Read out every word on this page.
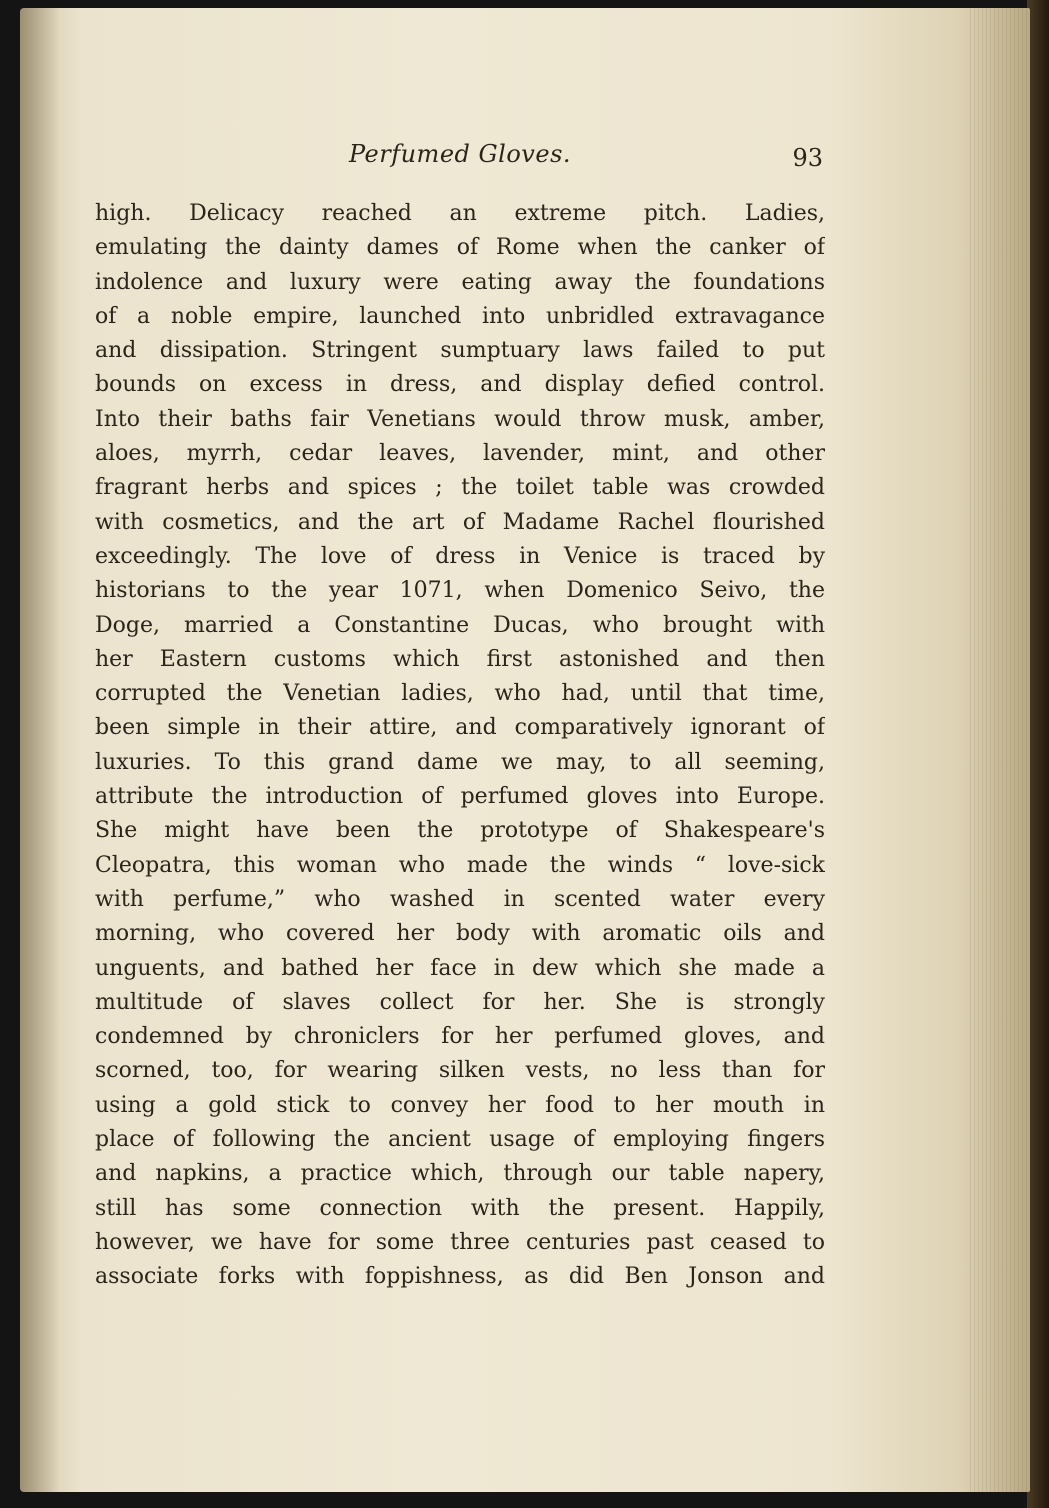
Perfumed Gloves.	93
high. Delicacy reached an extreme pitch. Ladies,
emulating the dainty dames of Rome when the canker of
indolence and luxury were eating away the foundations
of a noble empire, launched into unbridled extravagance
and dissipation. Stringent sumptuary laws failed to put
bounds on excess in dress, and display defied control.
Into their baths fair Venetians would throw musk, amber,
aloes, myrrh, cedar leaves, lavender, mint, and other
fragrant herbs and spices ; the toilet table was crowded
with cosmetics, and the art of Madame Rachel flourished
exceedingly. The love of dress in Venice is traced by
historians to the year 1071, when Domenico Seivo, the
Doge, married a Constantine Ducas, who brought with
her Eastern customs which first astonished and then
corrupted the Venetian ladies, who had, until that time,
been simple in their attire, and comparatively ignorant of
luxuries. To this grand dame we may, to all seeming,
attribute the introduction of perfumed gloves into Europe.
She might have been the prototype of Shakespeare's
Cleopatra, this woman who made the winds “ love-sick
with perfume,” who washed in scented water every
morning, who covered her body with aromatic oils and
unguents, and bathed her face in dew which she made a
multitude of slaves collect for her. She is strongly
condemned by chroniclers for her perfumed gloves, and
scorned, too, for wearing silken vests, no less than for
using a gold stick to convey her food to her mouth in
place of following the ancient usage of employing fingers
and napkins, a practice which, through our table napery,
still has some connection with the present. Happily,
however, we have for some three centuries past ceased to
associate forks with foppishness, as did Ben Jonson and
